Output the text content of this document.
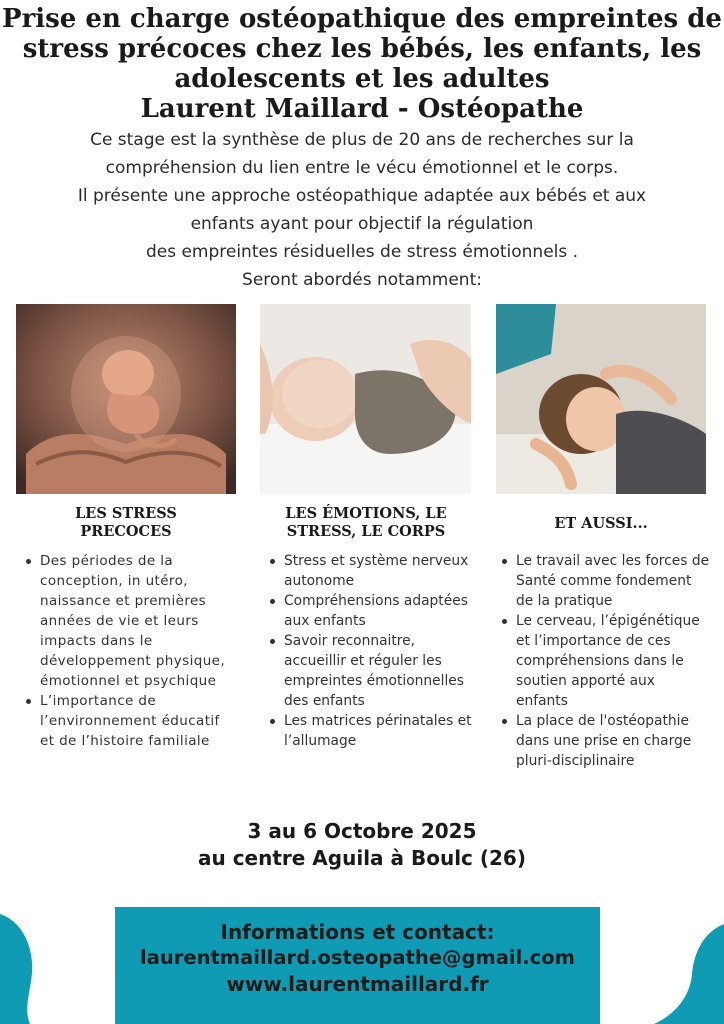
Prise en charge ostéopathique des empreintes de
stress précoces chez les bébés, les enfants, les
adolescents et les adultes
Laurent Maillard - Ostéopathe
Ce stage est la synthèse de plus de 20 ans de recherches sur la
compréhension du lien entre le vécu émotionnel et le corps.
Il présente une approche ostéopathique adaptée aux bébés et aux
enfants ayant pour objectif la régulation
des empreintes résiduelles de stress émotionnels .
Seront abordés notamment:
LES STRESS
PRECOCES
LES ÉMOTIONS, LE
STRESS, LE CORPS	ET AUSSI...
Des périodes de la conception, in utéro, naissance et premières années de vie et leurs impacts dans le développement physique, émotionnel et psychique
L’importance de l’environnement éducatif et de l’histoire familiale
Stress et système nerveux autonome
Compréhensions adaptées aux enfants
Savoir reconnaitre, accueillir et réguler les empreintes émotionnelles des enfants
Les matrices périnatales et l’allumage
Le travail avec les forces de Santé comme fondement de la pratique
Le cerveau, l’épigénétique et l’importance de ces compréhensions dans le soutien apporté aux enfants
La place de l'ostéopathie dans une prise en charge pluri-disciplinaire
3 au 6 Octobre 2025
au centre Aguila à Boulc (26)
Informations et contact:
laurentmaillard.osteopathe@gmail.com
www.laurentmaillard.fr
